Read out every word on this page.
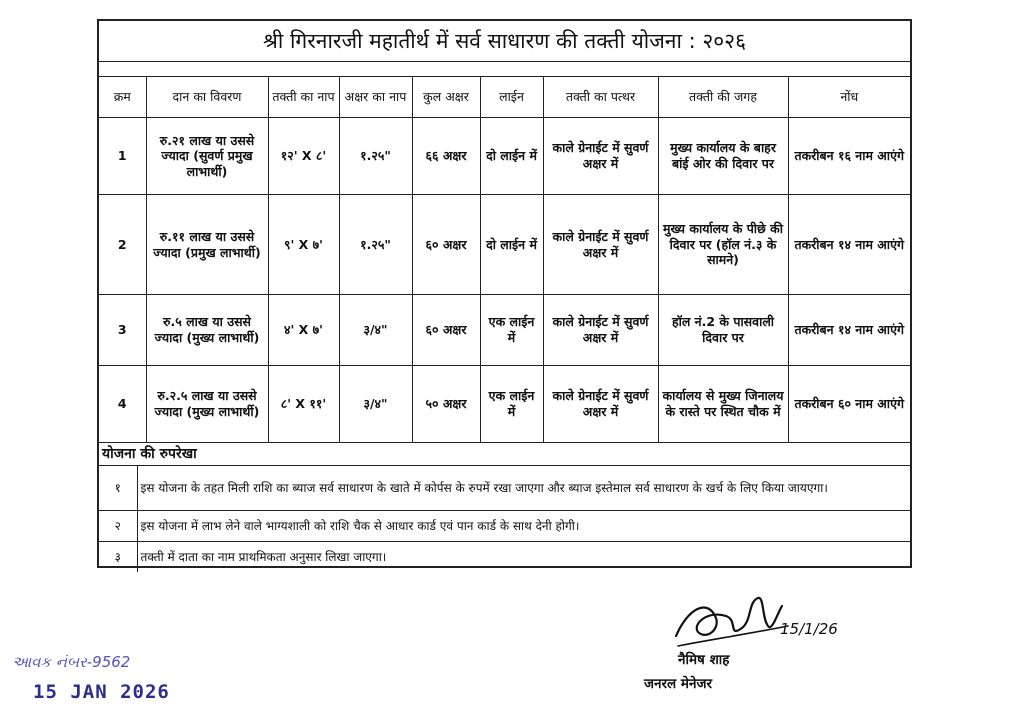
श्री गिरनारजी महातीर्थ में सर्व साधारण की तक्ती योजना : २०२६
क्रम	दान का विवरण	तक्ती का नाप	अक्षर का नाप	कुल अक्षर	लाईन	तक्ती का पत्थर	तक्ती की जगह	नोंध
1	रु.२१ लाख या उससे ज्यादा (सुवर्ण प्रमुख लाभार्थी)	१२' X ८'	१.२५"	६६ अक्षर	दो लाईन में	काले ग्रेनाईट में सुवर्ण अक्षर में	मुख्य कार्यालय के बाहर बांई ओर की दिवार पर	तकरीबन १६ नाम आएंगे
2	रु.११ लाख या उससे ज्यादा (प्रमुख लाभार्थी)	९' X ७'	१.२५"	६० अक्षर	दो लाईन में	काले ग्रेनाईट में सुवर्ण अक्षर में	मुख्य कार्यालय के पीछे की दिवार पर (हॉल नं.३ के सामने)	तकरीबन १४ नाम आएंगे
3	रु.५ लाख या उससे ज्यादा (मुख्य लाभार्थी)	४' X ७'	३/४"	६० अक्षर	एक लाईन में	काले ग्रेनाईट में सुवर्ण अक्षर में	हॉल नं.2 के पासवाली दिवार पर	तकरीबन १४ नाम आएंगे
4	रु.२.५ लाख या उससे ज्यादा (मुख्य लाभार्थी)	८' X ११'	३/४"	५० अक्षर	एक लाईन में	काले ग्रेनाईट में सुवर्ण अक्षर में	कार्यालय से मुख्य जिनालय के रास्ते पर स्थित चौक में	तकरीबन ६० नाम आएंगे
योजना की रुपरेखा
१	इस योजना के तहत मिली राशि का ब्याज सर्व साधारण के खाते में कोर्पस के रुपमें रखा जाएगा और ब्याज इस्तेमाल सर्व साधारण के खर्च के लिए किया जायएगा।
२	इस योजना में लाभ लेने वाले भाग्यशाली को राशि चैक से आधार कार्ड एवं पान कार्ड के साथ देनी होगी।
३	तक्ती में दाता का नाम प्राथमिकता अनुसार लिखा जाएगा।
15/1/26
नैमिष शाह
जनरल मेनेजर
આવક નંબર-9562
15 JAN 2026
